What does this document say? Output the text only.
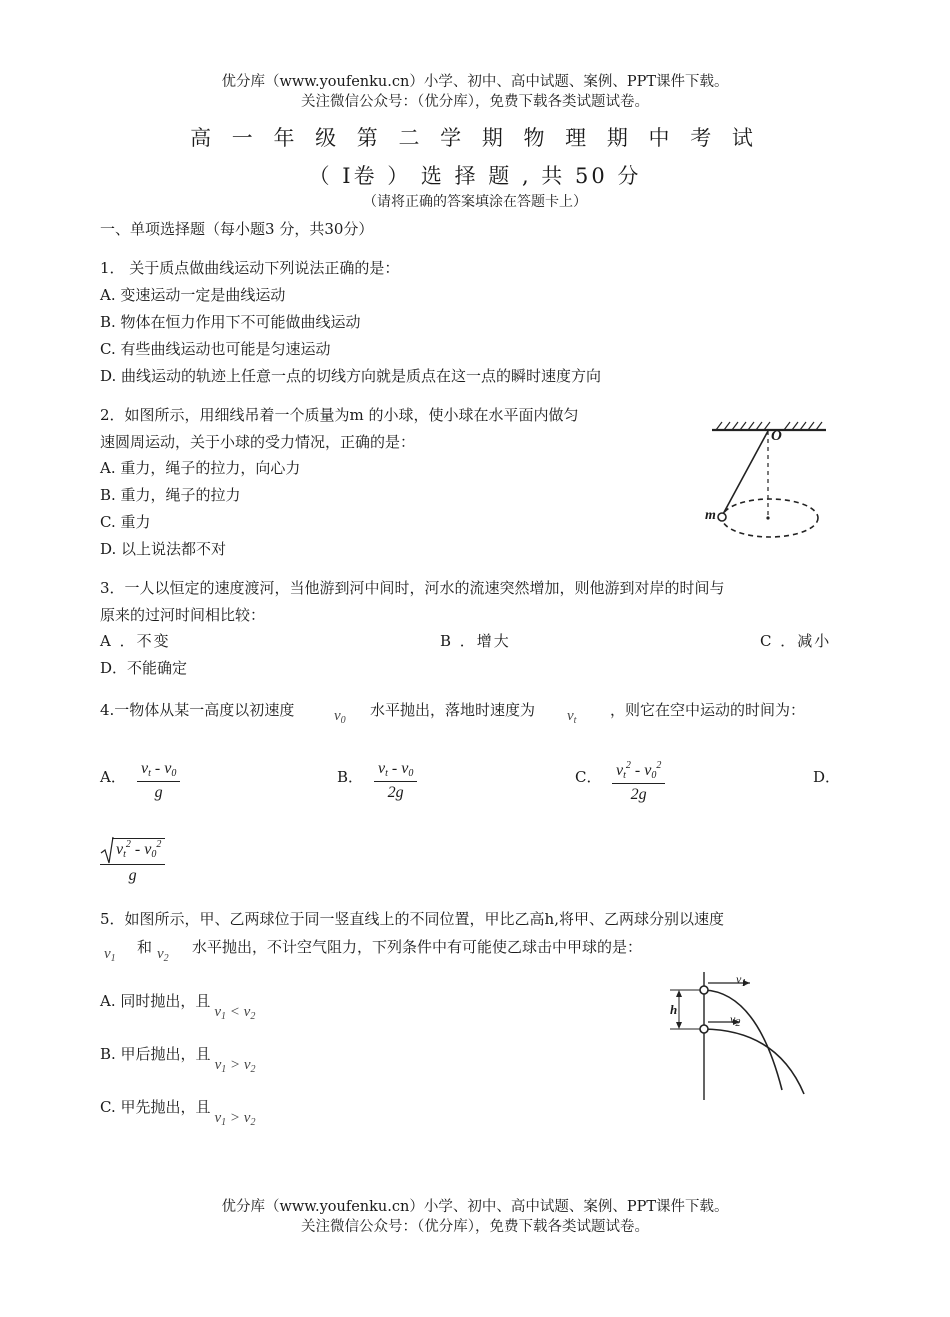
优分库（www.youfenku.cn）小学、初中、高中试题、案例、PPT课件下载。
关注微信公众号：（优分库），免费下载各类试题试卷。
高 一 年 级 第 二 学 期 物 理 期 中 考 试
（ I卷 ） 选 择 题 , 共 50 分
（请将正确的答案填涂在答题卡上）
一、单项选择题（每小题3 分，共30分）
1． 关于质点做曲线运动下列说法正确的是：
A. 变速运动一定是曲线运动
B. 物体在恒力作用下不可能做曲线运动
C. 有些曲线运动也可能是匀速运动
D. 曲线运动的轨迹上任意一点的切线方向就是质点在这一点的瞬时速度方向
2．如图所示，用细线吊着一个质量为m 的小球，使小球在水平面内做匀
速圆周运动，关于小球的受力情况，正确的是：
A. 重力，绳子的拉力，向心力
B. 重力，绳子的拉力
C. 重力
D. 以上说法都不对
O
m
3．一人以恒定的速度渡河，当他游到河中间时，河水的流速突然增加，则他游到对岸的时间与
原来的过河时间相比较：
A ．不变	B ．增大	C ．减小
D．不能确定
4.一物体从某一高度以初速度	$v_0$
水平抛出，落地时速度为 $v_t$
，则它在空中运动的时间为：
A． $v_t - v_0$
g
B． $v_t - v_0$
2g
C． $v_t^2 - v_0^2$
2g
D．
$v_t^2 - v_0^2$
g
5．如图所示，甲、乙两球位于同一竖直线上的不同位置，甲比乙高h,将甲、乙两球分别以速度
$v_1$
和 $v_2$
水平抛出，不计空气阻力，下列条件中有可能使乙球击中甲球的是：
A. 同时抛出，且$v_1 < v_2$
B. 甲后抛出，且$v_1 > v_2$
C. 甲先抛出，且$v_1 > v_2$
h
$v_1$
$v_2$
优分库（www.youfenku.cn）小学、初中、高中试题、案例、PPT课件下载。
关注微信公众号：（优分库），免费下载各类试题试卷。
